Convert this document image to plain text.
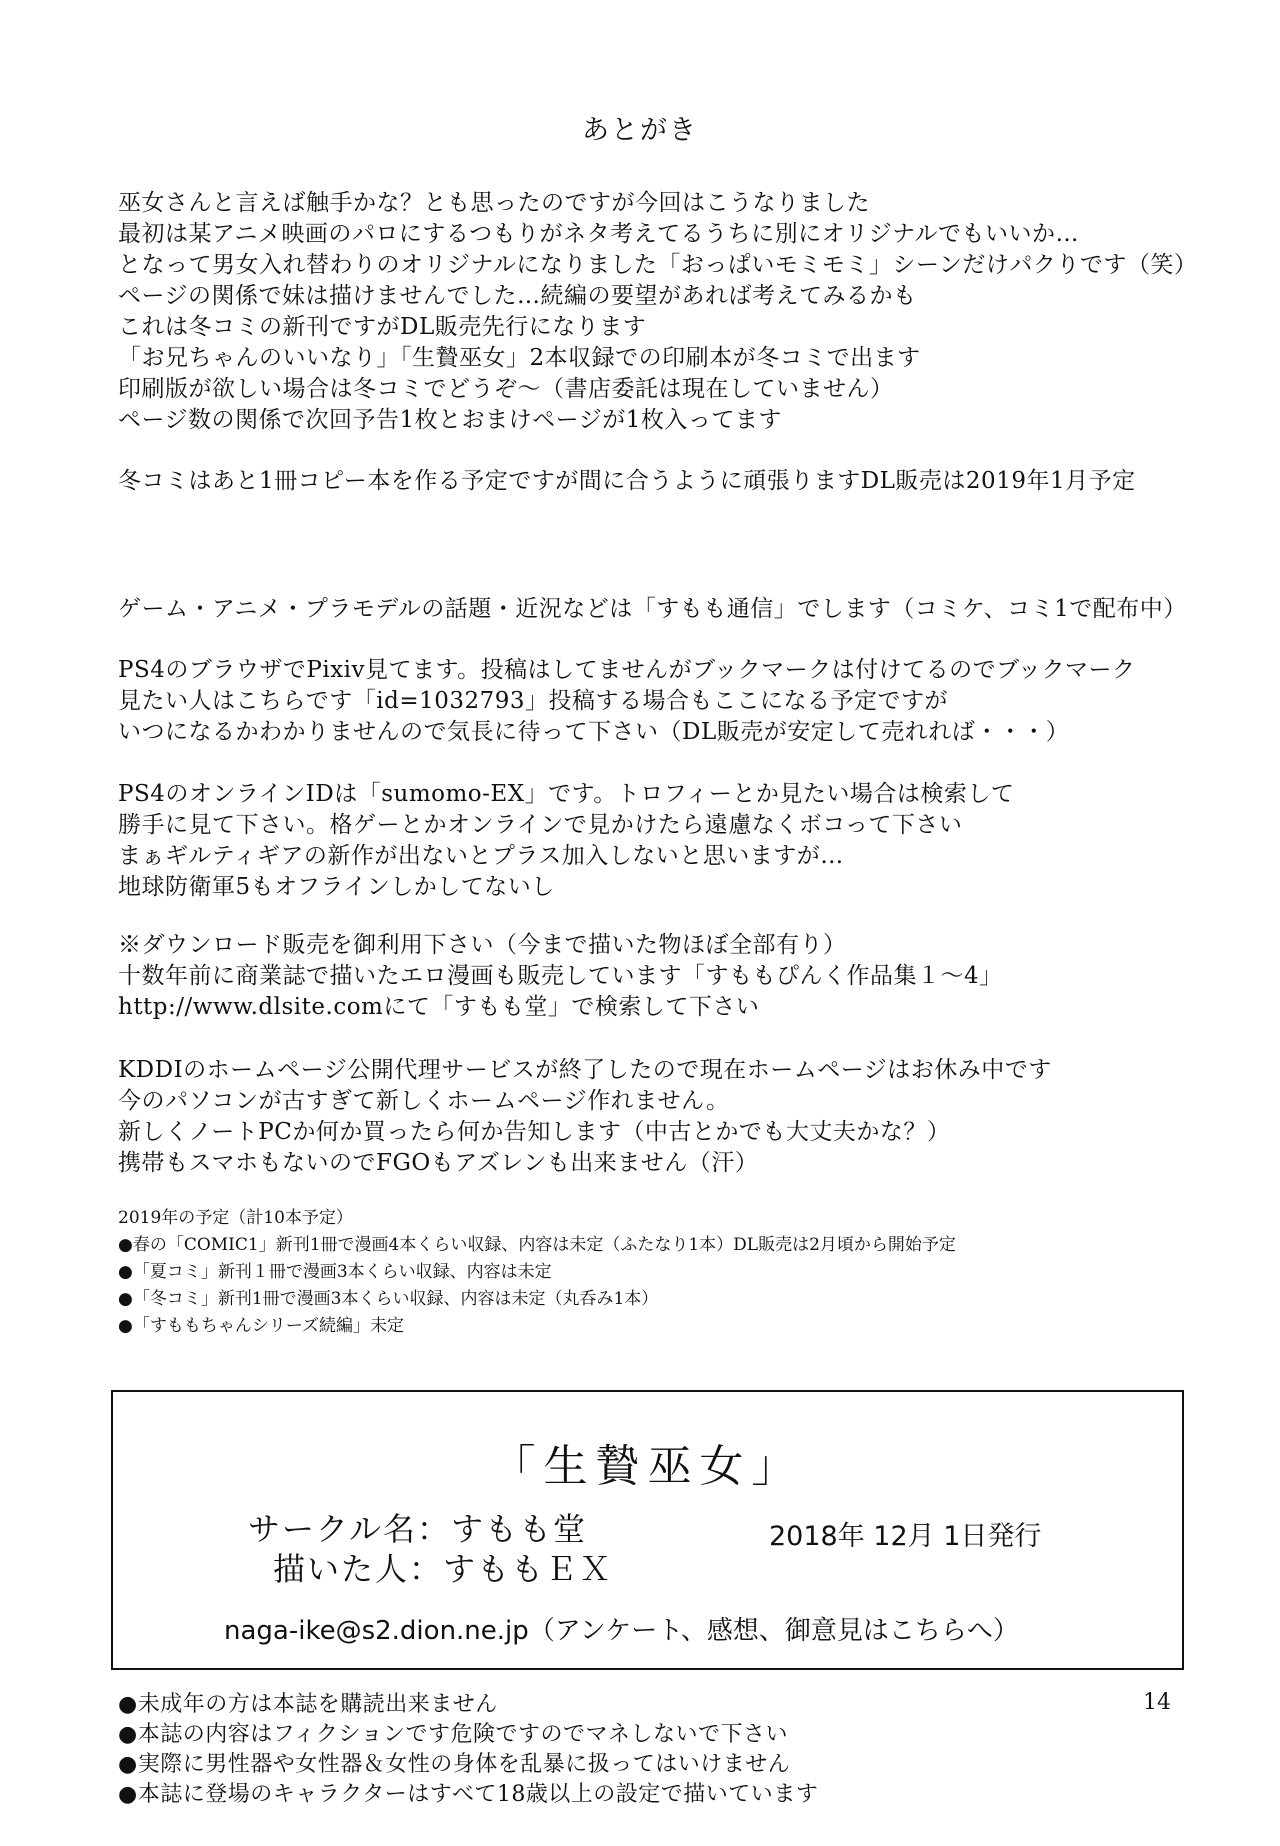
あとがき
巫女さんと言えば触手かな？とも思ったのですが今回はこうなりました
最初は某アニメ映画のパロにするつもりがネタ考えてるうちに別にオリジナルでもいいか…
となって男女入れ替わりのオリジナルになりました「おっぱいモミモミ」シーンだけパクりです（笑）
ページの関係で妹は描けませんでした…続編の要望があれば考えてみるかも
これは冬コミの新刊ですがDL販売先行になります
「お兄ちゃんのいいなり」「生贄巫女」2本収録での印刷本が冬コミで出ます
印刷版が欲しい場合は冬コミでどうぞ～（書店委託は現在していません）
ページ数の関係で次回予告1枚とおまけページが1枚入ってます
冬コミはあと1冊コピー本を作る予定ですが間に合うように頑張りますDL販売は2019年1月予定
ゲーム・アニメ・プラモデルの話題・近況などは「すもも通信」でします（コミケ、コミ1で配布中）
PS4のブラウザでPixiv見てます。投稿はしてませんがブックマークは付けてるのでブックマーク
見たい人はこちらです「id=1032793」投稿する場合もここになる予定ですが
いつになるかわかりませんので気長に待って下さい（DL販売が安定して売れれば・・・）
PS4のオンラインIDは「sumomo-EX」です。トロフィーとか見たい場合は検索して
勝手に見て下さい。格ゲーとかオンラインで見かけたら遠慮なくボコって下さい
まぁギルティギアの新作が出ないとプラス加入しないと思いますが…
地球防衛軍5もオフラインしかしてないし
※ダウンロード販売を御利用下さい（今まで描いた物ほぼ全部有り）
十数年前に商業誌で描いたエロ漫画も販売しています「すももぴんく作品集１～4」
http://www.dlsite.comにて「すもも堂」で検索して下さい
KDDIのホームページ公開代理サービスが終了したので現在ホームページはお休み中です
今のパソコンが古すぎて新しくホームページ作れません。
新しくノートPCか何か買ったら何か告知します（中古とかでも大丈夫かな？）
携帯もスマホもないのでFGOもアズレンも出来ません（汗）
2019年の予定（計10本予定）
●春の「COMIC1」新刊1冊で漫画4本くらい収録、内容は未定（ふたなり1本）DL販売は2月頃から開始予定
●「夏コミ」新刊１冊で漫画3本くらい収録、内容は未定
●「冬コミ」新刊1冊で漫画3本くらい収録、内容は未定（丸呑み1本）
●「すももちゃんシリーズ続編」未定
「生贄巫女」
サークル名：すもも堂
描いた人：すももＥＸ
2018年 12月 1日発行
naga-ike@s2.dion.ne.jp（アンケート、感想、御意見はこちらへ）
●未成年の方は本誌を購読出来ません
●本誌の内容はフィクションです危険ですのでマネしないで下さい
●実際に男性器や女性器＆女性の身体を乱暴に扱ってはいけません
●本誌に登場のキャラクターはすべて18歳以上の設定で描いています
14
